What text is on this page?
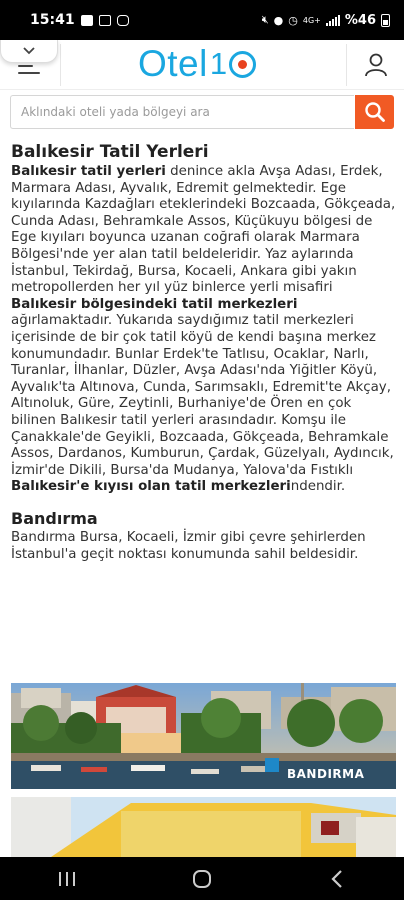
15:41	🔇︎ ● ◷ 4G+ %46
Otel 1
Aklındaki oteli yada bölgeyi ara
Balıkesir Tatil Yerleri

Balıkesir tatil yerleri denince akla Avşa Adası, Erdek, Marmara Adası, Ayvalık, Edremit gelmektedir. Ege kıyılarında Kazdağları eteklerindeki Bozcaada, Gökçeada, Cunda Adası, Behramkale Assos, Küçükuyu bölgesi de Ege kıyıları boyunca uzanan coğrafi olarak Marmara Bölgesi'nde yer alan tatil beldeleridir. Yaz aylarında İstanbul, Tekirdağ, Bursa, Kocaeli, Ankara gibi yakın metropollerden her yıl yüz binlerce yerli misafiri Balıkesir bölgesindeki tatil merkezleri ağırlamaktadır. Yukarıda saydığımız tatil merkezleri içerisinde de bir çok tatil köyü de kendi başına merkez konumundadır. Bunlar Erdek'te Tatlısu, Ocaklar, Narlı, Turanlar, İlhanlar, Düzler, Avşa Adası'nda Yiğitler Köyü, Ayvalık'ta Altınova, Cunda, Sarımsaklı, Edremit'te Akçay, Altınoluk, Güre, Zeytinli, Burhaniye'de Ören en çok bilinen Balıkesir tatil yerleri arasındadır. Komşu ile Çanakkale'de Geyikli, Bozcaada, Gökçeada, Behramkale Assos, Dardanos, Kumburun, Çardak, Güzelyalı, Aydıncık, İzmir'de Dikili, Bursa'da Mudanya, Yalova'da Fıstıklı Balıkesir'e kıyısı olan tatil merkezlerindendir.

Bandırma

Bandırma Bursa, Kocaeli, İzmir gibi çevre şehirlerden İstanbul'a geçit noktası konumunda sahil beldesidir.

BANDIRMA
